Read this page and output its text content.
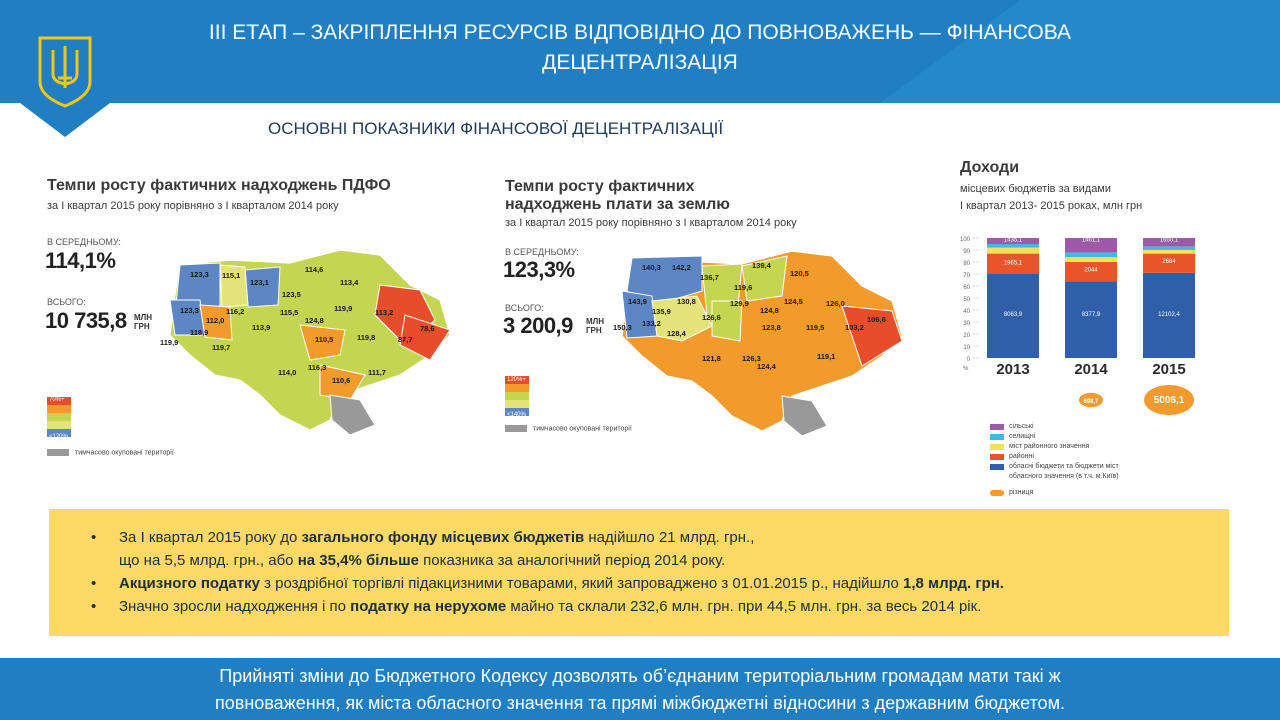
ІІІ ЕТАП – ЗАКРІПЛЕННЯ РЕСУРСІВ ВІДПОВІДНО ДО ПОВНОВАЖЕНЬ — ФІНАНСОВА
ДЕЦЕНТРАЛІЗАЦІЯ
ОСНОВНІ ПОКАЗНИКИ ФІНАНСОВОЇ ДЕЦЕНТРАЛІЗАЦІЇ
Темпи росту фактичних надходжень ПДФО
за І квартал 2015 року порівняно з І кварталом 2014 року
В СЕРЕДНЬОМУ:
114,1%
ВСЬОГО:
10 735,8 МЛН
ГРН
123,3 115,1
123,1
114,6
123,3
112,0
113,4
123,5
116,2	115,5
118,9
113,9
124,8
113,2
119,9
119,9
119,7
110,5	119,8	87,7
78,6
114,0
116,3
111,7
110,6
70%+
<120%
тимчасово окуповані території
Темпи росту фактичних
надходжень плати за землю
за І квартал 2015 року порівняно з І кварталом 2014 року
В СЕРЕДНЬОМУ:
123,3%
ВСЬОГО:
3 200,9 МЛН
ГРН
140,3 142,2
136,7
139,4
143,9	130,8
119,6
120,5
135,9
129,9	124,5	126,0
133,2
126,6
124,8
150,3
128,4
123,8	119,5	103,2
106,6
121,8	126,3
124,4
119,1
120%+
<140%
тимчасово окуповані території
Доходи
місцевих бюджетів за видами
І квартал 2013- 2015 роках, млн грн
100
90
80
70
60
50
40
30
20
10
0
%
8063,9
1965,1
1435,1
2013
8377,9
2044
1461,1
2014
698,7
12102,4
2684
1650,1
2015
5006,1
сільські
селищні
міст районного значення
районні
обласні бюджети та бюджети міст обласного значення (в т.ч. м.Київ)
різниця
• За І квартал 2015 року до загального фонду місцевих бюджетів надійшло 21 млрд. грн.,
що на 5,5 млрд. грн., або на 35,4% більше показника за аналогічний період 2014 року.
• Акцизного податку з роздрібної торгівлі підакцизними товарами, який запроваджено з 01.01.2015 р., надійшло 1,8 млрд. грн.
• Значно зросли надходження і по податку на нерухоме майно та склали 232,6 млн. грн. при 44,5 млн. грн. за весь 2014 рік.
Прийняті зміни до Бюджетного Кодексу дозволять об’єднаним територіальним громадам мати такі ж
повноваження, як міста обласного значення та прямі міжбюджетні відносини з державним бюджетом.
